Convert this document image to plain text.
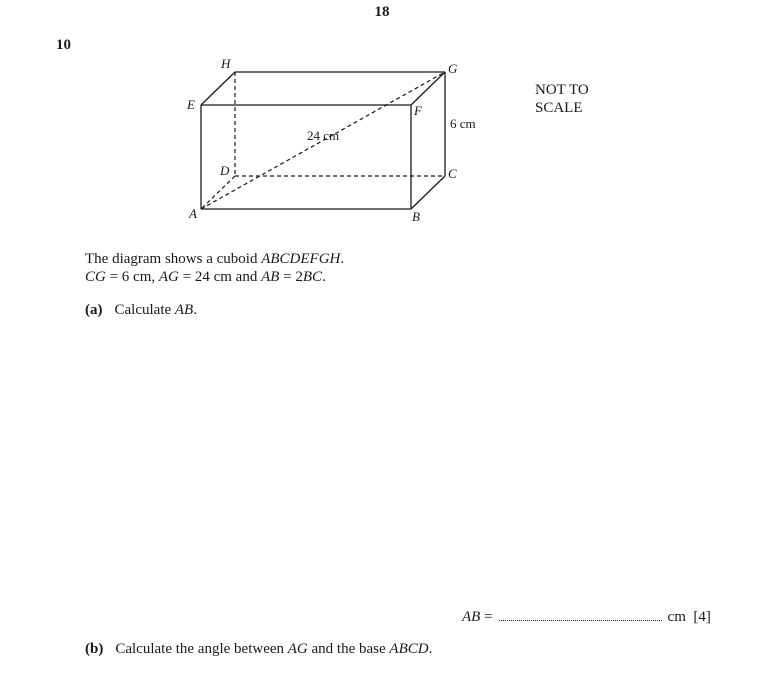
18
10
H	G
E	F
D	C
A	B
24 cm
6 cm
NOT TO
SCALE
The diagram shows a cuboid ABCDEFGH.
CG = 6 cm, AG = 24 cm and AB = 2BC.
(a) Calculate AB.
AB =	cm [4]
(b) Calculate the angle between AG and the base ABCD.
